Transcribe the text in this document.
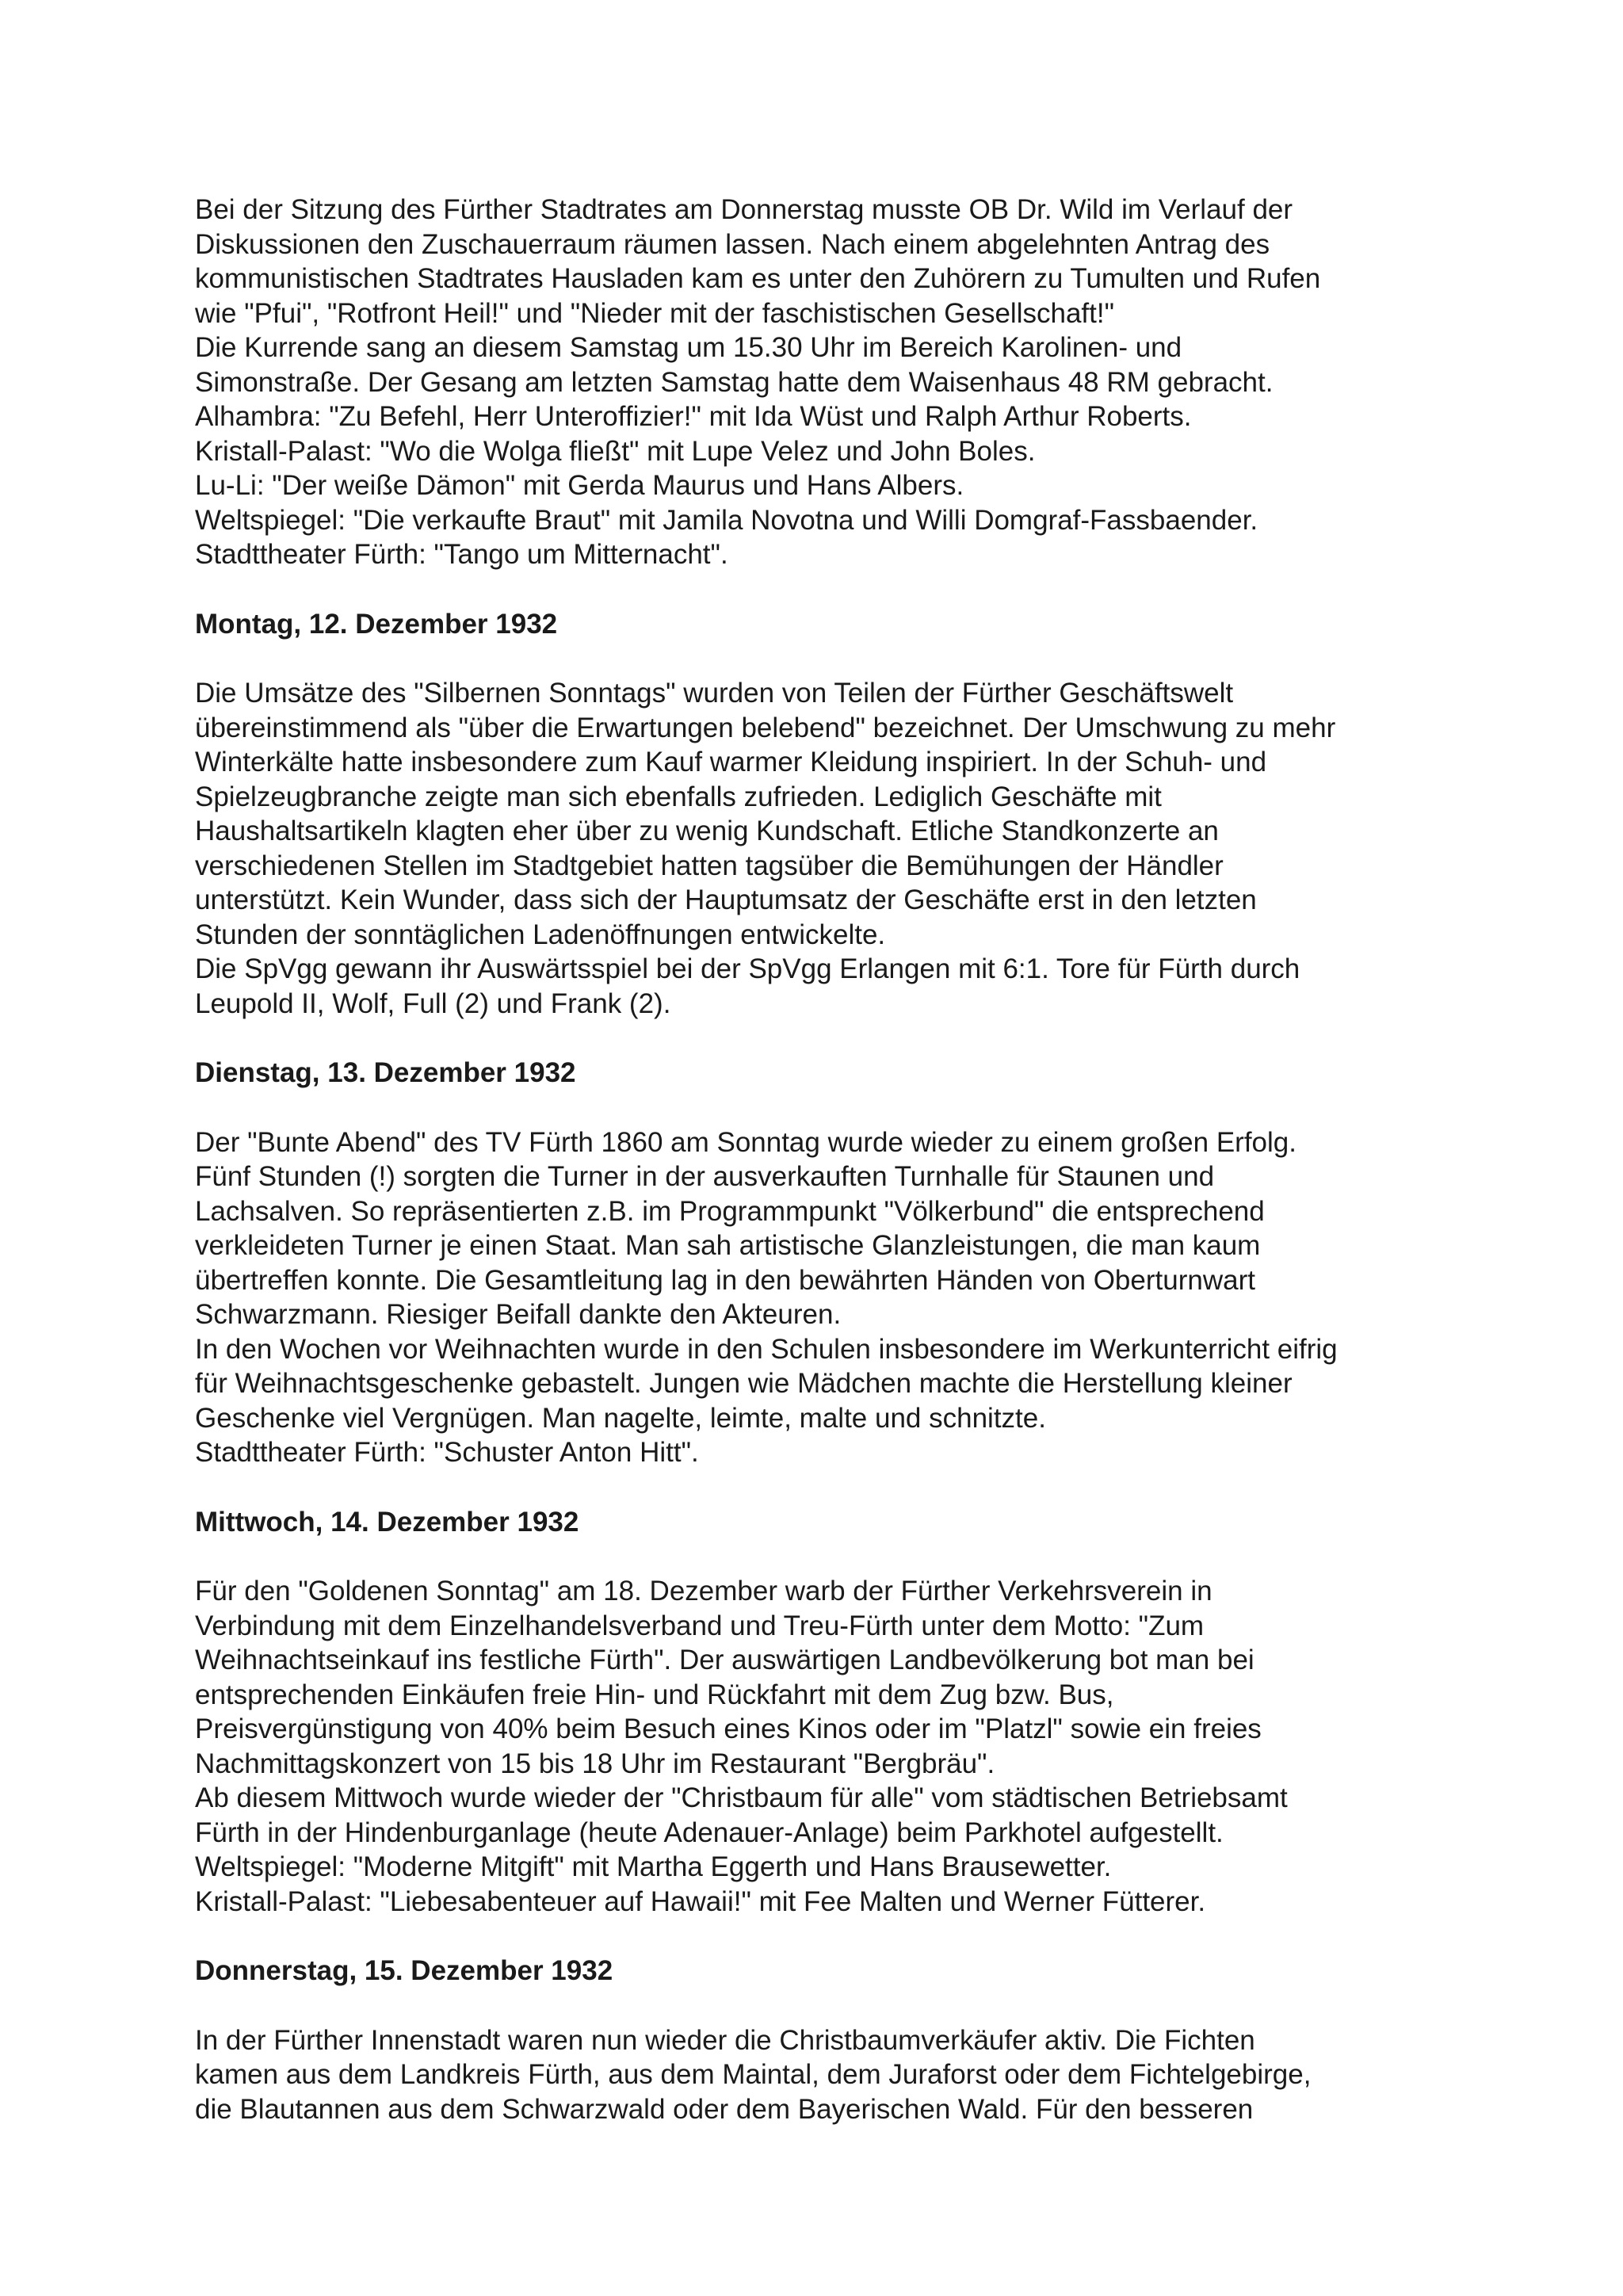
Bei der Sitzung des Fürther Stadtrates am Donnerstag musste OB Dr. Wild im Verlauf der
Diskussionen den Zuschauerraum räumen lassen. Nach einem abgelehnten Antrag des
kommunistischen Stadtrates Hausladen kam es unter den Zuhörern zu Tumulten und Rufen
wie "Pfui", "Rotfront Heil!" und "Nieder mit der faschistischen Gesellschaft!"
Die Kurrende sang an diesem Samstag um 15.30 Uhr im Bereich Karolinen- und
Simonstraße. Der Gesang am letzten Samstag hatte dem Waisenhaus 48 RM gebracht.
Alhambra: "Zu Befehl, Herr Unteroffizier!" mit Ida Wüst und Ralph Arthur Roberts.
Kristall-Palast: "Wo die Wolga fließt" mit Lupe Velez und John Boles.
Lu-Li: "Der weiße Dämon" mit Gerda Maurus und Hans Albers.
Weltspiegel: "Die verkaufte Braut" mit Jamila Novotna und Willi Domgraf-Fassbaender.
Stadttheater Fürth: "Tango um Mitternacht".
Montag, 12. Dezember 1932
Die Umsätze des "Silbernen Sonntags" wurden von Teilen der Fürther Geschäftswelt
übereinstimmend als "über die Erwartungen belebend" bezeichnet. Der Umschwung zu mehr
Winterkälte hatte insbesondere zum Kauf warmer Kleidung inspiriert. In der Schuh- und
Spielzeugbranche zeigte man sich ebenfalls zufrieden. Lediglich Geschäfte mit
Haushaltsartikeln klagten eher über zu wenig Kundschaft. Etliche Standkonzerte an
verschiedenen Stellen im Stadtgebiet hatten tagsüber die Bemühungen der Händler
unterstützt. Kein Wunder, dass sich der Hauptumsatz der Geschäfte erst in den letzten
Stunden der sonntäglichen Ladenöffnungen entwickelte.
Die SpVgg gewann ihr Auswärtsspiel bei der SpVgg Erlangen mit 6:1. Tore für Fürth durch
Leupold II, Wolf, Full (2) und Frank (2).
Dienstag, 13. Dezember 1932
Der "Bunte Abend" des TV Fürth 1860 am Sonntag wurde wieder zu einem großen Erfolg.
Fünf Stunden (!) sorgten die Turner in der ausverkauften Turnhalle für Staunen und
Lachsalven. So repräsentierten z.B. im Programmpunkt "Völkerbund" die entsprechend
verkleideten Turner je einen Staat. Man sah artistische Glanzleistungen, die man kaum
übertreffen konnte. Die Gesamtleitung lag in den bewährten Händen von Oberturnwart
Schwarzmann. Riesiger Beifall dankte den Akteuren.
In den Wochen vor Weihnachten wurde in den Schulen insbesondere im Werkunterricht eifrig
für Weihnachtsgeschenke gebastelt. Jungen wie Mädchen machte die Herstellung kleiner
Geschenke viel Vergnügen. Man nagelte, leimte, malte und schnitzte.
Stadttheater Fürth: "Schuster Anton Hitt".
Mittwoch, 14. Dezember 1932
Für den "Goldenen Sonntag" am 18. Dezember warb der Fürther Verkehrsverein in
Verbindung mit dem Einzelhandelsverband und Treu-Fürth unter dem Motto: "Zum
Weihnachtseinkauf ins festliche Fürth". Der auswärtigen Landbevölkerung bot man bei
entsprechenden Einkäufen freie Hin- und Rückfahrt mit dem Zug bzw. Bus,
Preisvergünstigung von 40% beim Besuch eines Kinos oder im "Platzl" sowie ein freies
Nachmittagskonzert von 15 bis 18 Uhr im Restaurant "Bergbräu".
Ab diesem Mittwoch wurde wieder der "Christbaum für alle" vom städtischen Betriebsamt
Fürth in der Hindenburganlage (heute Adenauer-Anlage) beim Parkhotel aufgestellt.
Weltspiegel: "Moderne Mitgift" mit Martha Eggerth und Hans Brausewetter.
Kristall-Palast: "Liebesabenteuer auf Hawaii!" mit Fee Malten und Werner Fütterer.
Donnerstag, 15. Dezember 1932
In der Fürther Innenstadt waren nun wieder die Christbaumverkäufer aktiv. Die Fichten
kamen aus dem Landkreis Fürth, aus dem Maintal, dem Juraforst oder dem Fichtelgebirge,
die Blautannen aus dem Schwarzwald oder dem Bayerischen Wald. Für den besseren
